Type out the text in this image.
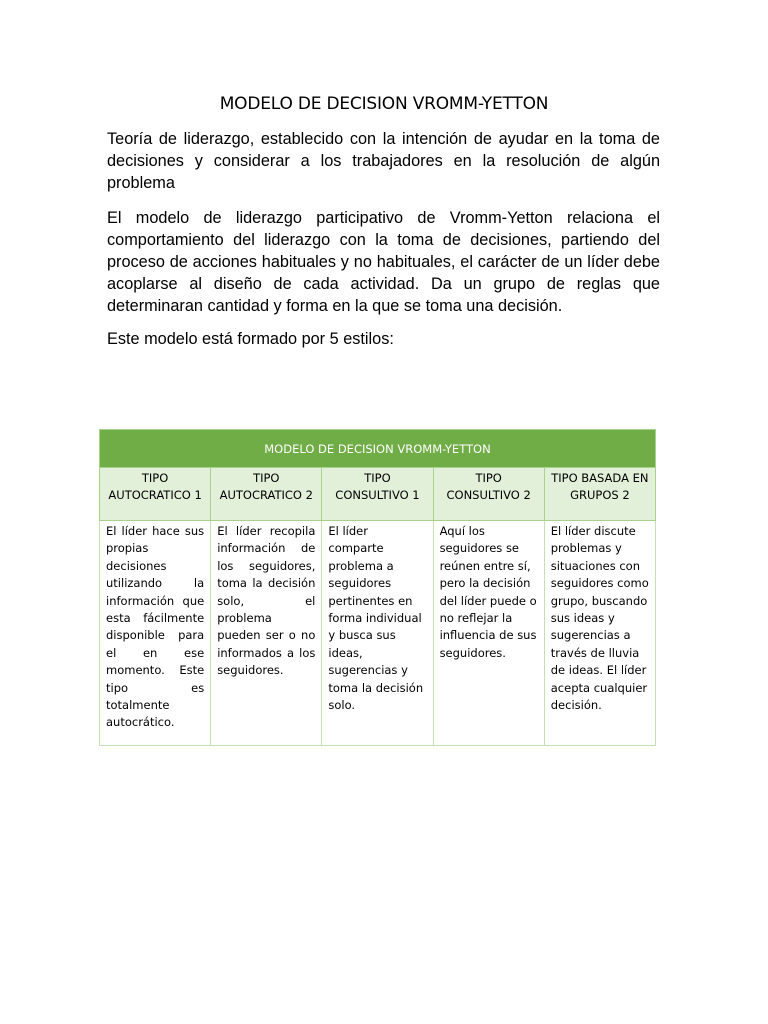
MODELO DE DECISION VROMM-YETTON

Teoría de liderazgo, establecido con la intención de ayudar en la toma de decisiones y considerar a los trabajadores en la resolución de algún problema

El modelo de liderazgo participativo de Vromm-Yetton relaciona el comportamiento del liderazgo con la toma de decisiones, partiendo del proceso de acciones habituales y no habituales, el carácter de un líder debe acoplarse al diseño de cada actividad. Da un grupo de reglas que determinaran cantidad y forma en la que se toma una decisión.

Este modelo está formado por 5 estilos:

MODELO DE DECISION VROMM-YETTON				
TIPO AUTOCRATICO 1	TIPO AUTOCRATICO 2	TIPO CONSULTIVO 1	TIPO CONSULTIVO 2	TIPO BASADA EN GRUPOS 2
El líder hace sus propias decisiones utilizando la información que esta fácilmente disponible para el en ese momento. Este tipo es totalmente autocrático.	El líder recopila información de los seguidores, toma la decisión solo, el problema pueden ser o no informados a los seguidores.	El líder comparte problema a seguidores pertinentes en forma individual y busca sus ideas, sugerencias y toma la decisión solo.	Aquí los seguidores se reúnen entre sí, pero la decisión del líder puede o no reflejar la influencia de sus seguidores.	El líder discute problemas y situaciones con seguidores como grupo, buscando sus ideas y sugerencias a través de lluvia de ideas. El líder acepta cualquier decisión.
